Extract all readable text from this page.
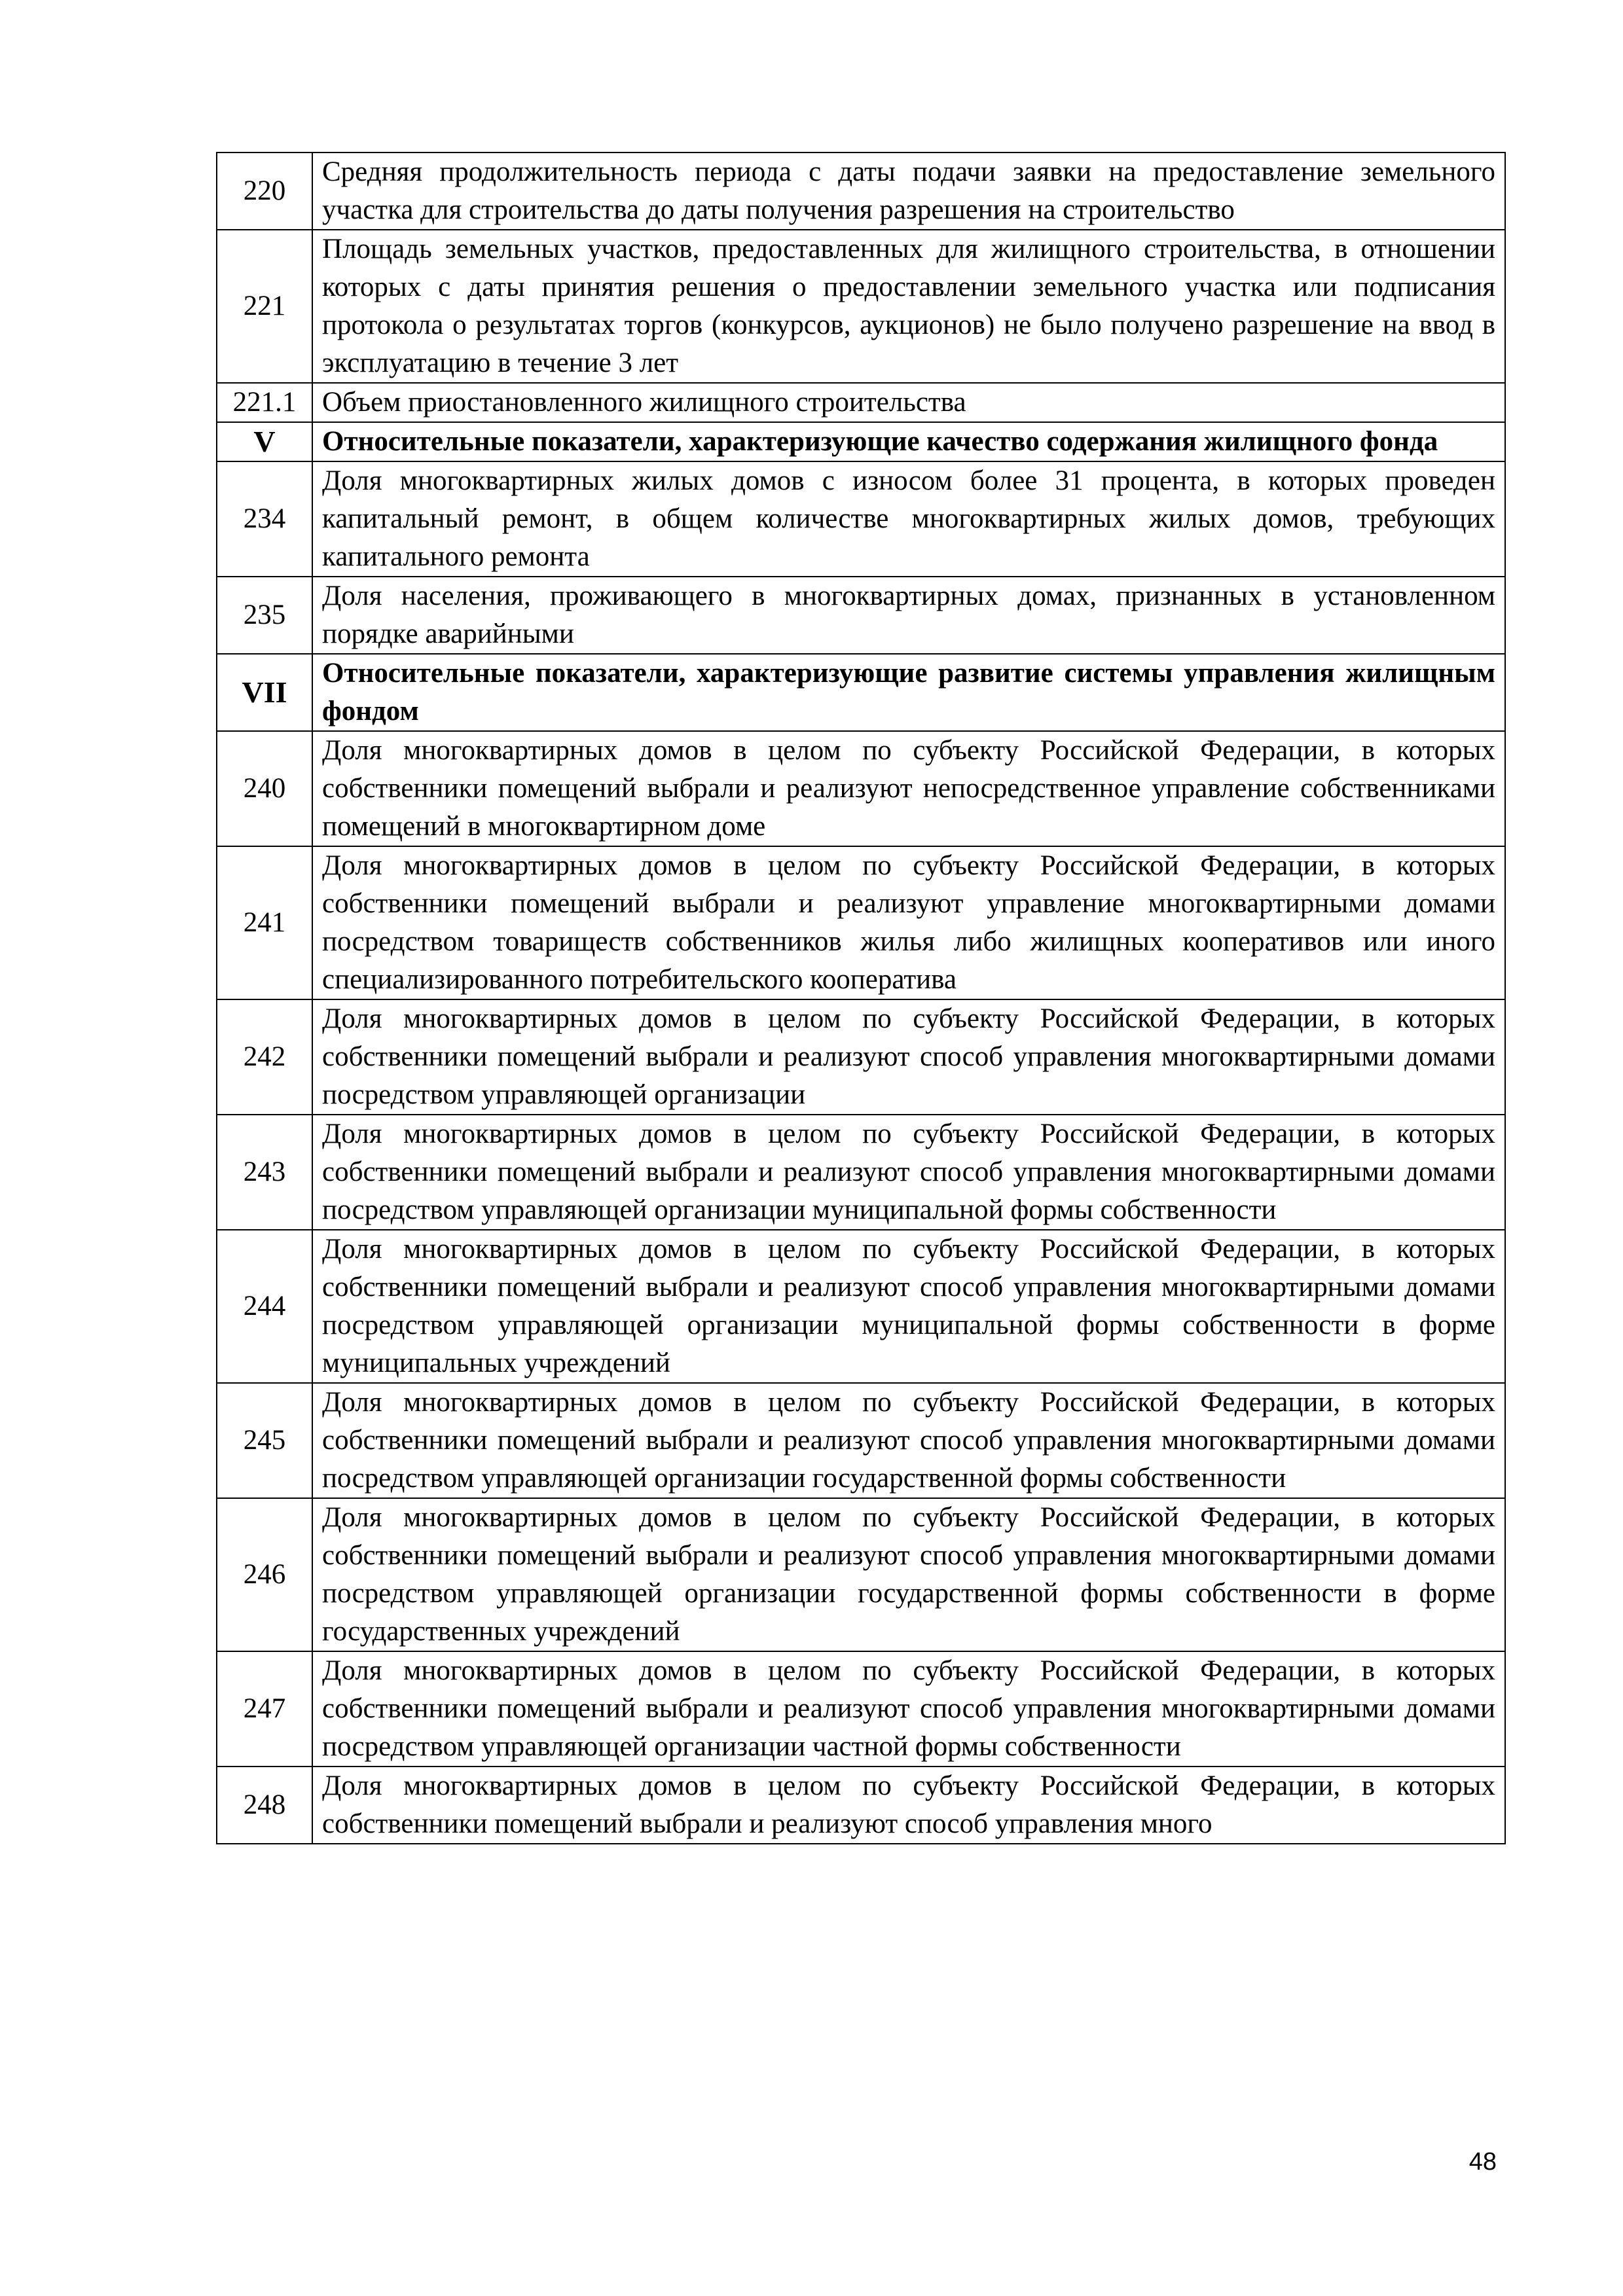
220	Средняя продолжительность периода с даты подачи заявки на предоставление земельного участка для строительства до даты получения разрешения на строительство
221	Площадь земельных участков, предоставленных для жилищного строительства, в отношении которых с даты принятия решения о предоставлении земельного участка или подписания протокола о результатах торгов (конкурсов, аукционов) не было получено разрешение на ввод в эксплуатацию в течение 3 лет
221.1	Объем приостановленного жилищного строительства
V	Относительные показатели, характеризующие качество содержания жилищного фонда
234	Доля многоквартирных жилых домов с износом более 31 процента, в которых проведен капитальный ремонт, в общем количестве многоквартирных жилых домов, требующих капитального ремонта
235	Доля населения, проживающего в многоквартирных домах, признанных в установленном порядке аварийными
VII	Относительные показатели, характеризующие развитие системы управления жилищным фондом
240	Доля многоквартирных домов в целом по субъекту Российской Федерации, в которых собственники помещений выбрали и реализуют непосредственное управление собственниками помещений в многоквартирном доме
241	Доля многоквартирных домов в целом по субъекту Российской Федерации, в которых собственники помещений выбрали и реализуют управление многоквартирными домами посредством товариществ собственников жилья либо жилищных кооперативов или иного специализированного потребительского кооператива
242	Доля многоквартирных домов в целом по субъекту Российской Федерации, в которых собственники помещений выбрали и реализуют способ управления многоквартирными домами посредством управляющей организации
243	Доля многоквартирных домов в целом по субъекту Российской Федерации, в которых собственники помещений выбрали и реализуют способ управления многоквартирными домами посредством управляющей организации муниципальной формы собственности
244	Доля многоквартирных домов в целом по субъекту Российской Федерации, в которых собственники помещений выбрали и реализуют способ управления многоквартирными домами посредством управляющей организации муниципальной формы собственности в форме муниципальных учреждений
245	Доля многоквартирных домов в целом по субъекту Российской Федерации, в которых собственники помещений выбрали и реализуют способ управления многоквартирными домами посредством управляющей организации государственной формы собственности
246	Доля многоквартирных домов в целом по субъекту Российской Федерации, в которых собственники помещений выбрали и реализуют способ управления многоквартирными домами посредством управляющей организации государственной формы собственности в форме государственных учреждений
247	Доля многоквартирных домов в целом по субъекту Российской Федерации, в которых собственники помещений выбрали и реализуют способ управления многоквартирными домами посредством управляющей организации частной формы собственности
248	Доля многоквартирных домов в целом по субъекту Российской Федерации, в которых собственники помещений выбрали и реализуют способ управления много
48
